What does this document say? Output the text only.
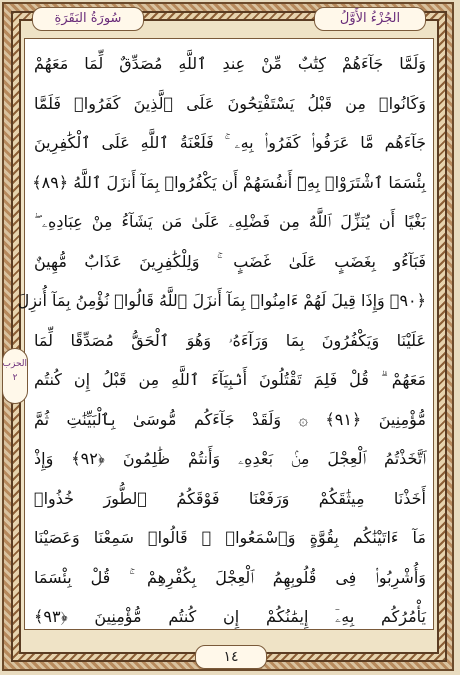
الجُزْءُ الأَوَّلُ
سُورَةُ البَقَرَةِ
وَلَمَّا جَآءَهُمْ كِتَٰبٌ مِّنْ عِندِ ٱللَّهِ مُصَدِّقٌ لِّمَا مَعَهُمْ
وَكَانُوا۟ مِن قَبْلُ يَسْتَفْتِحُونَ عَلَى ٱلَّذِينَ كَفَرُوا۟ فَلَمَّا
جَآءَهُم مَّا عَرَفُوا۟ كَفَرُوا۟ بِهِۦ ۚ فَلَعْنَةُ ٱللَّهِ عَلَى ٱلْكَٰفِرِينَ
بِئْسَمَا ٱشْتَرَوْا۟ بِهِۦٓ أَنفُسَهُمْ أَن يَكْفُرُوا۟ بِمَآ أَنزَلَ ٱللَّهُ ﴿٨٩﴾
بَغْيًا أَن يُنَزِّلَ ٱللَّهُ مِن فَضْلِهِۦ عَلَىٰ مَن يَشَآءُ مِنْ عِبَادِهِۦ ۖ
فَبَآءُو بِغَضَبٍ عَلَىٰ غَضَبٍ ۚ وَلِلْكَٰفِرِينَ عَذَابٌ مُّهِينٌ
﴿٩٠﴾ وَإِذَا قِيلَ لَهُمْ ءَامِنُوا۟ بِمَآ أَنزَلَ ٱللَّهُ قَالُوا۟ نُؤْمِنُ بِمَآ أُنزِلَ
عَلَيْنَا وَيَكْفُرُونَ بِمَا وَرَآءَهُۥ وَهُوَ ٱلْحَقُّ مُصَدِّقًا لِّمَا
مَعَهُمْ ۗ قُلْ فَلِمَ تَقْتُلُونَ أَنۢبِيَآءَ ٱللَّهِ مِن قَبْلُ إِن كُنتُم
مُّؤْمِنِينَ ﴿٩١﴾ ۞ وَلَقَدْ جَآءَكُم مُّوسَىٰ بِٱلْبَيِّنَٰتِ ثُمَّ
ٱتَّخَذْتُمُ ٱلْعِجْلَ مِنۢ بَعْدِهِۦ وَأَنتُمْ ظَٰلِمُونَ ﴿٩٢﴾ وَإِذْ
أَخَذْنَا مِيثَٰقَكُمْ وَرَفَعْنَا فَوْقَكُمُ ٱلطُّورَ خُذُوا۟
مَآ ءَاتَيْنَٰكُم بِقُوَّةٍ وَٱسْمَعُوا۟ ۖ قَالُوا۟ سَمِعْنَا وَعَصَيْنَا
وَأُشْرِبُوا۟ فِى قُلُوبِهِمُ ٱلْعِجْلَ بِكُفْرِهِمْ ۚ قُلْ بِئْسَمَا
يَأْمُرُكُم بِهِۦٓ إِيمَٰنُكُمْ إِن كُنتُم مُّؤْمِنِينَ ﴿٩٣﴾
الحزب ٢
١٤
